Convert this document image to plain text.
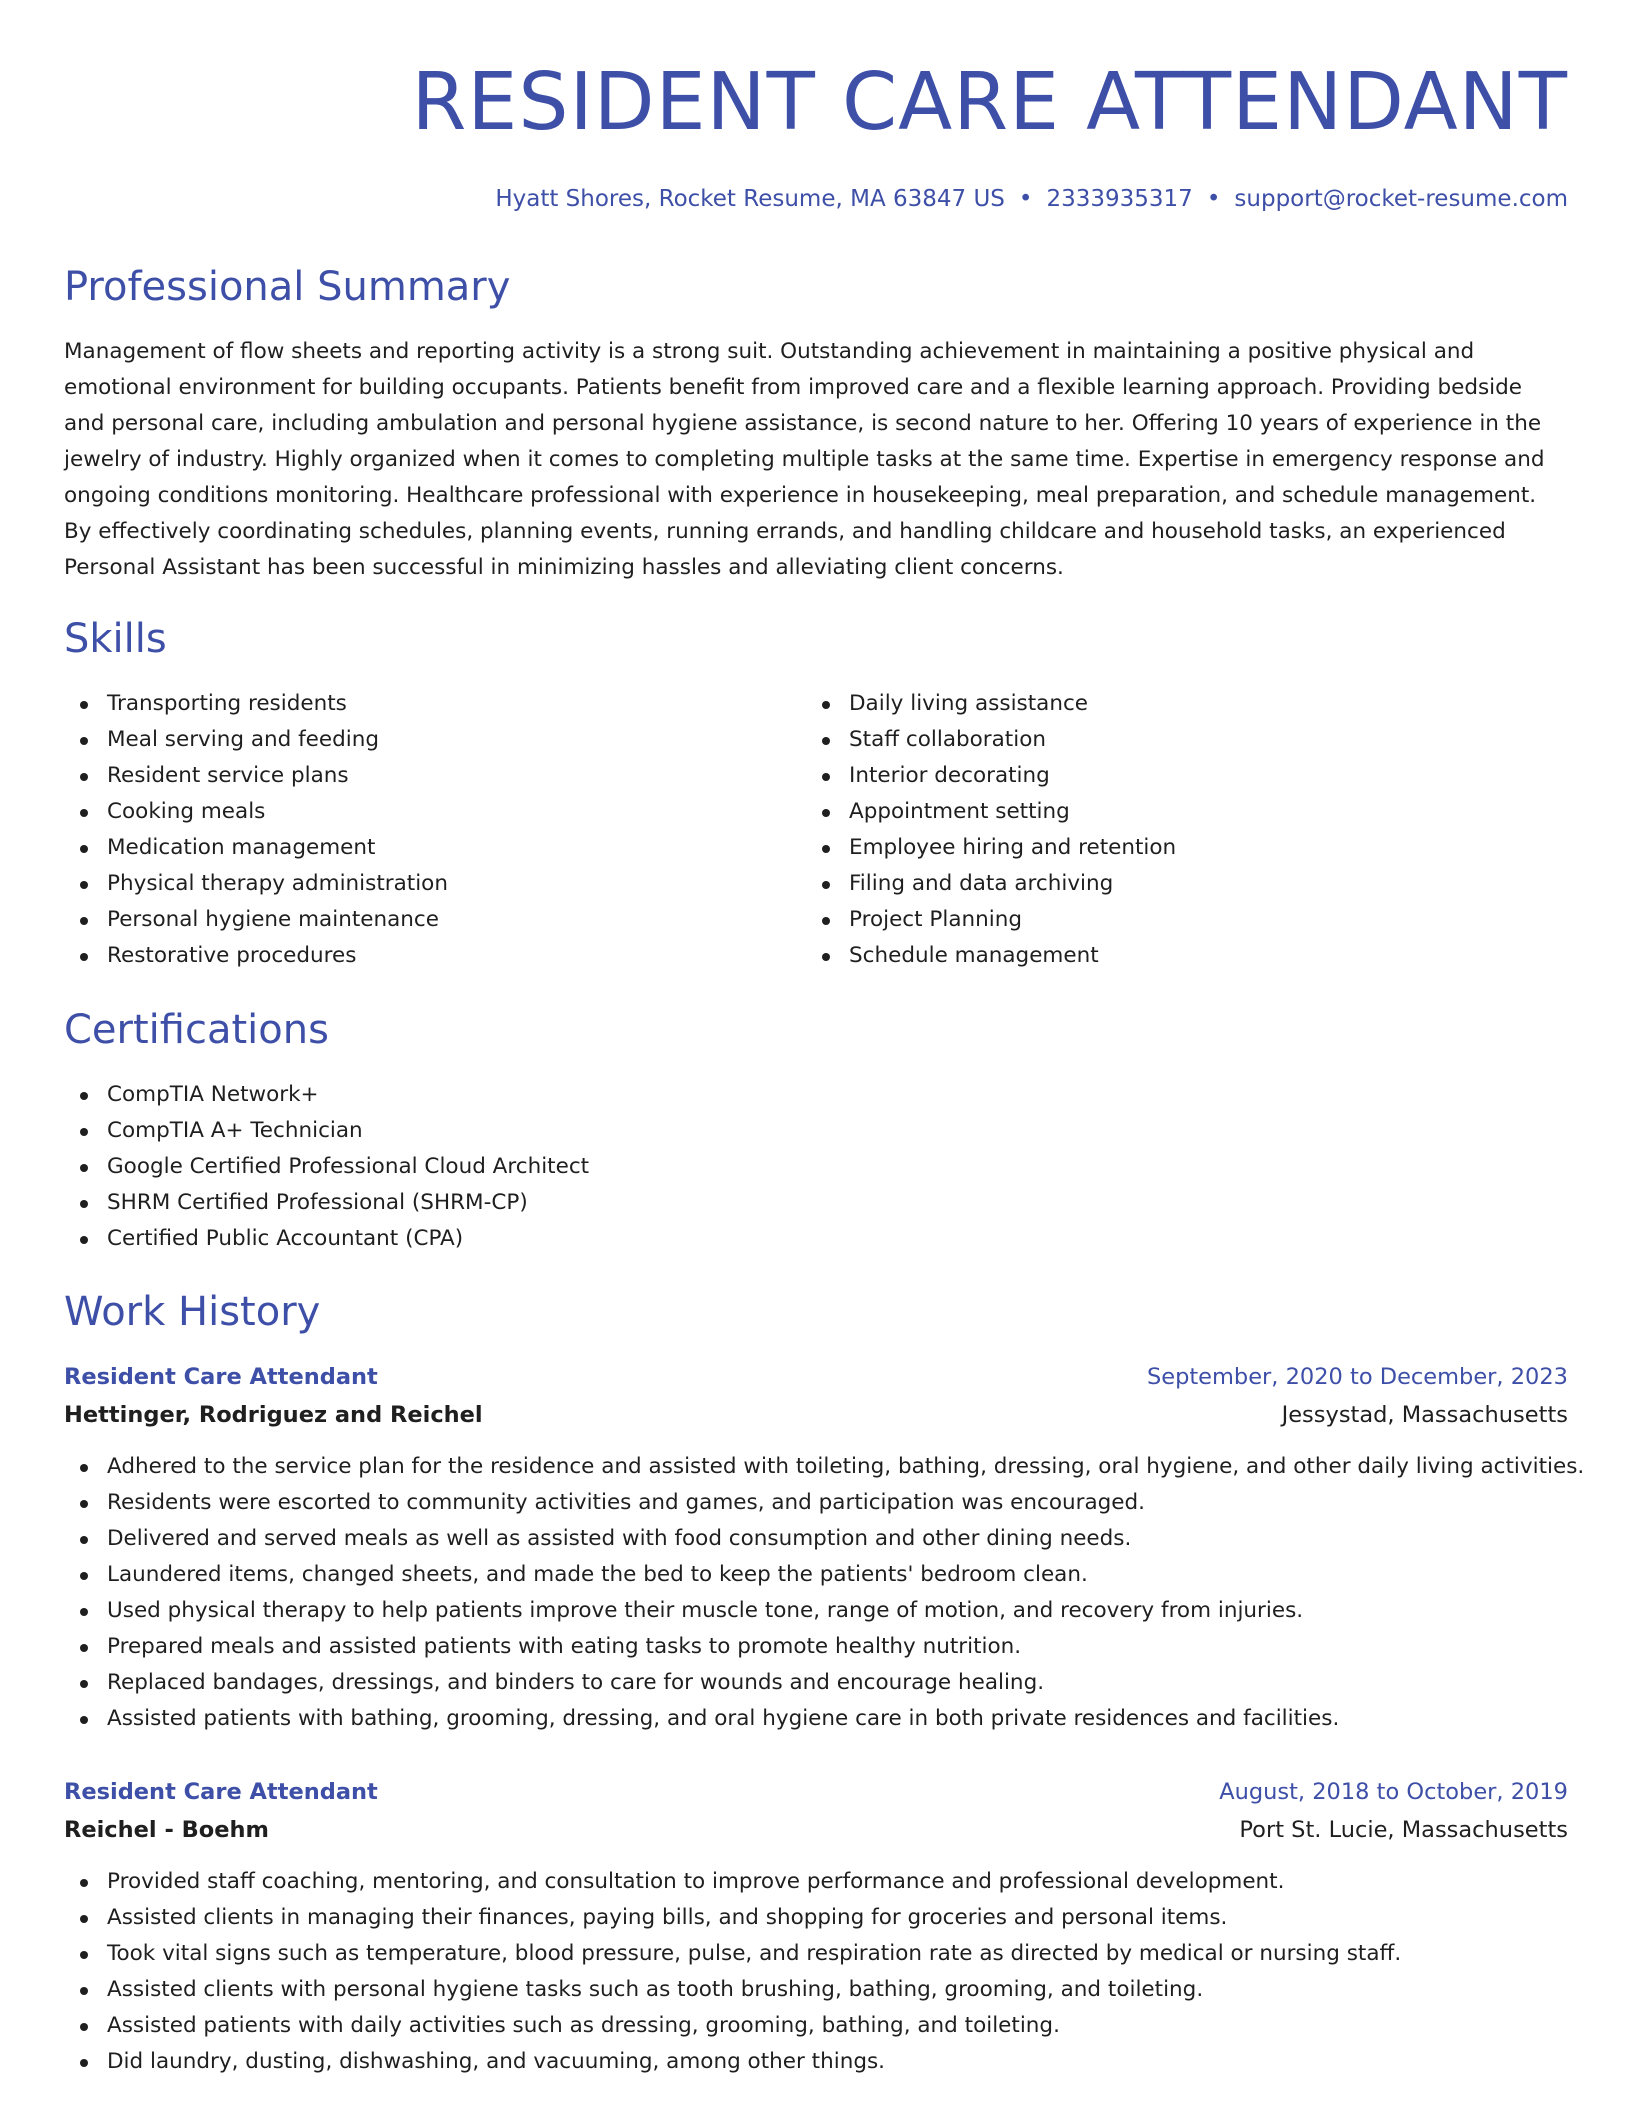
RESIDENT CARE ATTENDANT
Hyatt Shores, Rocket Resume, MA 63847 US • 2333935317 • support@rocket-resume.com
Professional Summary

Management of flow sheets and reporting activity is a strong suit. Outstanding achievement in maintaining a positive physical and emotional environment for building occupants. Patients benefit from improved care and a flexible learning approach. Providing bedside and personal care, including ambulation and personal hygiene assistance, is second nature to her. Offering 10 years of experience in the jewelry of industry. Highly organized when it comes to completing multiple tasks at the same time. Expertise in emergency response and ongoing conditions monitoring. Healthcare professional with experience in housekeeping, meal preparation, and schedule management. By effectively coordinating schedules, planning events, running errands, and handling childcare and household tasks, an experienced Personal Assistant has been successful in minimizing hassles and alleviating client concerns.

Skills
Transporting residents
Meal serving and feeding
Resident service plans
Cooking meals
Medication management
Physical therapy administration
Personal hygiene maintenance
Restorative procedures
Daily living assistance
Staff collaboration
Interior decorating
Appointment setting
Employee hiring and retention
Filing and data archiving
Project Planning
Schedule management
Certifications
CompTIA Network+
CompTIA A+ Technician
Google Certified Professional Cloud Architect
SHRM Certified Professional (SHRM-CP)
Certified Public Accountant (CPA)
Work History
Resident Care Attendant	September, 2020 to December, 2023
Hettinger, Rodriguez and Reichel	Jessystad, Massachusetts
Adhered to the service plan for the residence and assisted with toileting, bathing, dressing, oral hygiene, and other daily living activities.
Residents were escorted to community activities and games, and participation was encouraged.
Delivered and served meals as well as assisted with food consumption and other dining needs.
Laundered items, changed sheets, and made the bed to keep the patients' bedroom clean.
Used physical therapy to help patients improve their muscle tone, range of motion, and recovery from injuries.
Prepared meals and assisted patients with eating tasks to promote healthy nutrition.
Replaced bandages, dressings, and binders to care for wounds and encourage healing.
Assisted patients with bathing, grooming, dressing, and oral hygiene care in both private residences and facilities.
Resident Care Attendant	August, 2018 to October, 2019
Reichel - Boehm	Port St. Lucie, Massachusetts
Provided staff coaching, mentoring, and consultation to improve performance and professional development.
Assisted clients in managing their finances, paying bills, and shopping for groceries and personal items.
Took vital signs such as temperature, blood pressure, pulse, and respiration rate as directed by medical or nursing staff.
Assisted clients with personal hygiene tasks such as tooth brushing, bathing, grooming, and toileting.
Assisted patients with daily activities such as dressing, grooming, bathing, and toileting.
Did laundry, dusting, dishwashing, and vacuuming, among other things.
